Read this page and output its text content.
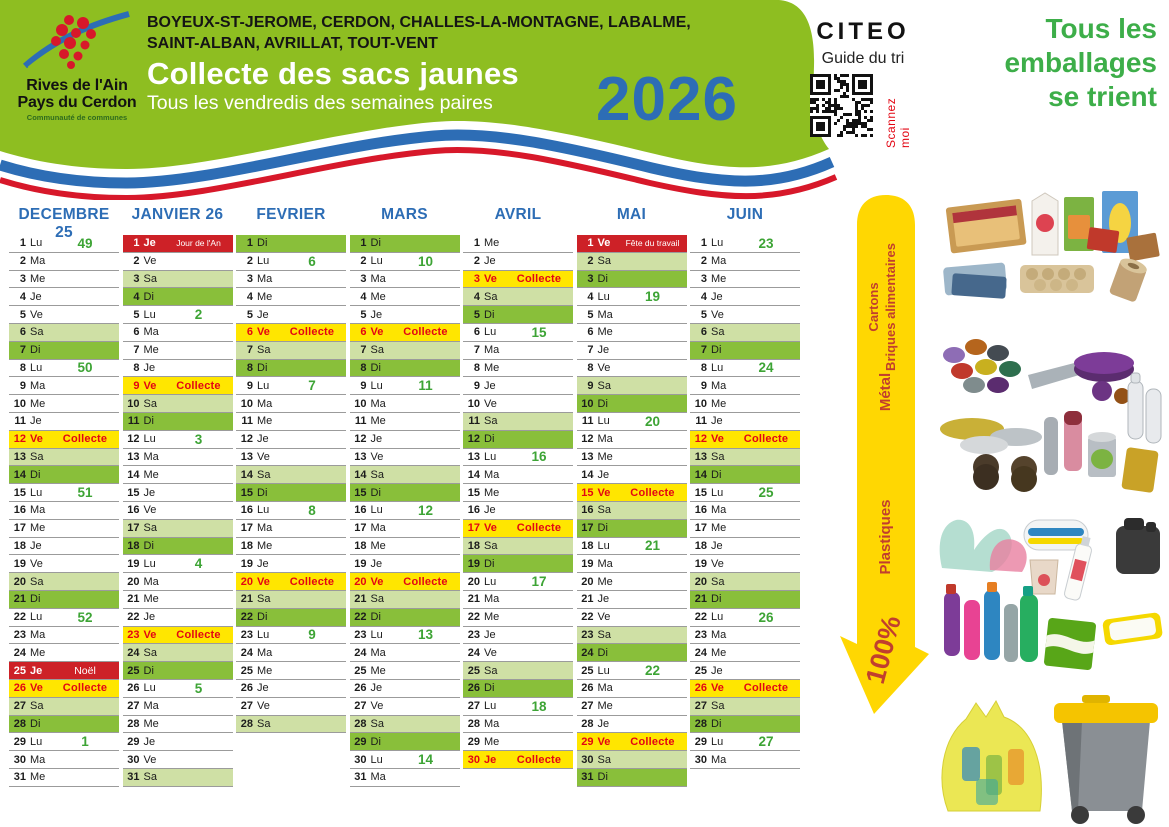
Rives de l'Ain
Pays du Cerdon
Communauté de communes
BOYEUX-ST-JEROME, CERDON, CHALLES-LA-MONTAGNE, LABALME,
SAINT-ALBAN, AVRILLAT, TOUT-VENT
Collecte des sacs jaunes
Tous les vendredis des semaines paires 2026
CITEO
Guide du tri
Scannez moi
Tous les
emballages
se trient
DECEMBRE 25
1 Lu	49
2 Ma
3 Me
4 Je
5 Ve
6 Sa
7 Di
8 Lu	50
9 Ma
10 Me
11 Je
12 Ve	Collecte
13 Sa
14 Di
15 Lu	51
16 Ma
17 Me
18 Je
19 Ve
20 Sa
21 Di
22 Lu	52
23 Ma
24 Me
25 Je	Noël
26 Ve	Collecte
27 Sa
28 Di
29 Lu	1
30 Ma
31 Me
JANVIER 26
1 Je	Jour de l'An
2 Ve
3 Sa
4 Di
5 Lu	2
6 Ma
7 Me
8 Je
9 Ve	Collecte
10 Sa
11 Di
12 Lu	3
13 Ma
14 Me
15 Je
16 Ve
17 Sa
18 Di
19 Lu	4
20 Ma
21 Me
22 Je
23 Ve	Collecte
24 Sa
25 Di
26 Lu	5
27 Ma
28 Me
29 Je
30 Ve
31 Sa
FEVRIER
1 Di
2 Lu	6
3 Ma
4 Me
5 Je
6 Ve	Collecte
7 Sa
8 Di
9 Lu	7
10 Ma
11 Me
12 Je
13 Ve
14 Sa
15 Di
16 Lu	8
17 Ma
18 Me
19 Je
20 Ve	Collecte
21 Sa
22 Di
23 Lu	9
24 Ma
25 Me
26 Je
27 Ve
28 Sa
MARS
1 Di
2 Lu	10
3 Ma
4 Me
5 Je
6 Ve	Collecte
7 Sa
8 Di
9 Lu	11
10 Ma
11 Me
12 Je
13 Ve
14 Sa
15 Di
16 Lu	12
17 Ma
18 Me
19 Je
20 Ve	Collecte
21 Sa
22 Di
23 Lu	13
24 Ma
25 Me
26 Je
27 Ve
28 Sa
29 Di
30 Lu	14
31 Ma
AVRIL
1 Me
2 Je
3 Ve	Collecte
4 Sa
5 Di
6 Lu	15
7 Ma
8 Me
9 Je
10 Ve
11 Sa
12 Di
13 Lu	16
14 Ma
15 Me
16 Je
17 Ve	Collecte
18 Sa
19 Di
20 Lu	17
21 Ma
22 Me
23 Je
24 Ve
25 Sa
26 Di
27 Lu	18
28 Ma
29 Me
30 Je	Collecte
MAI
1 Ve	Fête du travail
2 Sa
3 Di
4 Lu	19
5 Ma
6 Me
7 Je
8 Ve
9 Sa
10 Di
11 Lu	20
12 Ma
13 Me
14 Je
15 Ve	Collecte
16 Sa
17 Di
18 Lu	21
19 Ma
20 Me
21 Je
22 Ve
23 Sa
24 Di
25 Lu	22
26 Ma
27 Me
28 Je
29 Ve	Collecte
30 Sa
31 Di
JUIN
1 Lu	23
2 Ma
3 Me
4 Je
5 Ve
6 Sa
7 Di
8 Lu	24
9 Ma
10 Me
11 Je
12 Ve	Collecte
13 Sa
14 Di
15 Lu	25
16 Ma
17 Me
18 Je
19 Ve
20 Sa
21 Di
22 Lu	26
23 Ma
24 Me
25 Je
26 Ve	Collecte
27 Sa
28 Di
29 Lu	27
30 Ma
Cartons Briques alimentaires
Métal
Plastiques
100%
